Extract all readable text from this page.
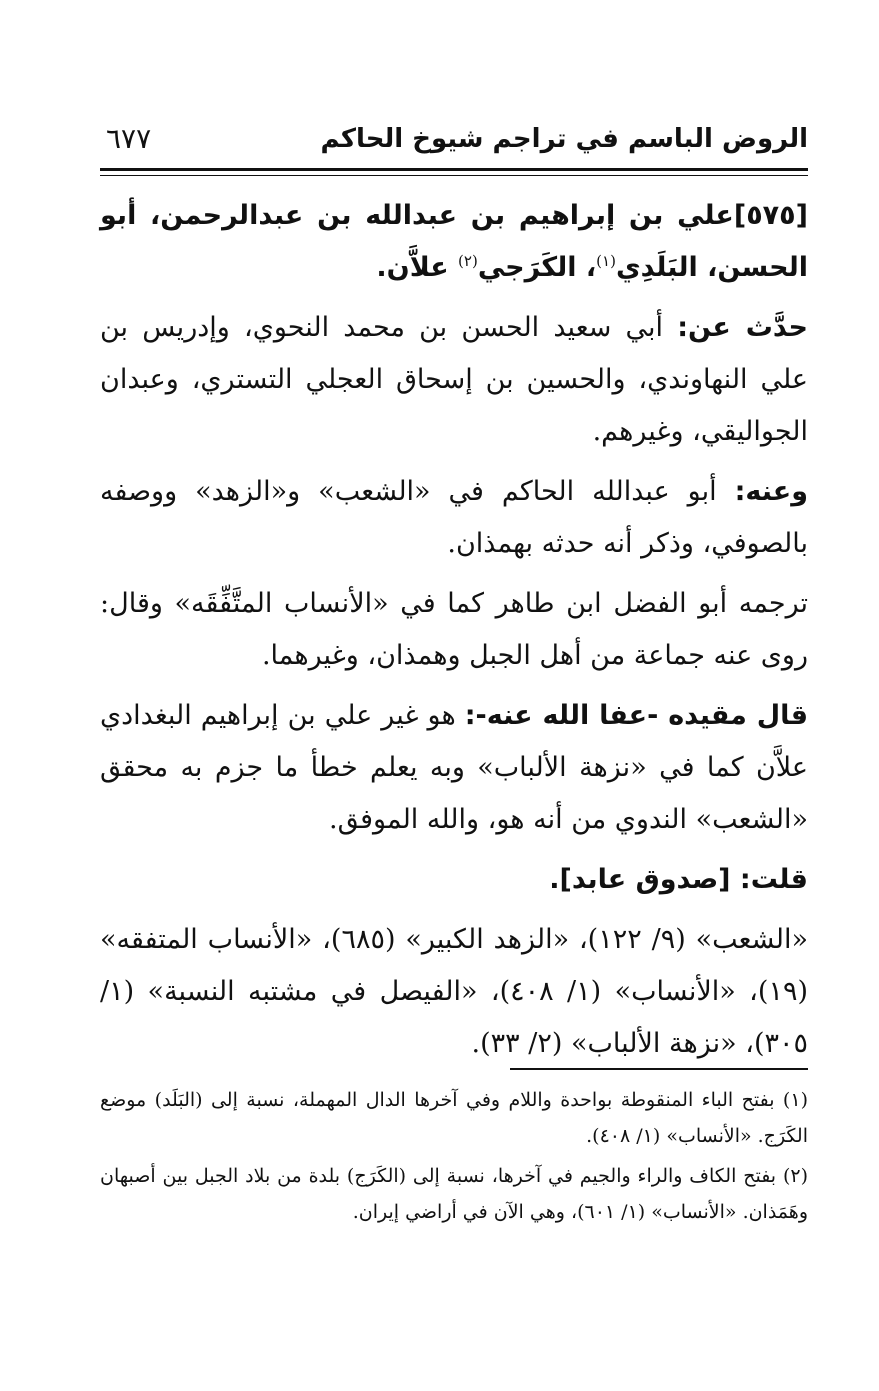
الروض الباسم في تراجم شيوخ الحاكم
٦٧٧

[٥٧٥]علي بن إبراهيم بن عبدالله بن عبدالرحمن، أبو الحسن، البَلَدِي$^{(١)}$، الكَرَجي$^{(٢)}$ علاَّن.

حدَّث عن: أبي سعيد الحسن بن محمد النحوي، وإدريس بن علي النهاوندي، والحسين بن إسحاق العجلي التستري، وعبدان الجواليقي، وغيرهم.

وعنه: أبو عبدالله الحاكم في «الشعب» و«الزهد» ووصفه بالصوفي، وذكر أنه حدثه بهمذان.

ترجمه أبو الفضل ابن طاهر كما في «الأنساب المتَّفِّقَه» وقال: روى عنه جماعة من أهل الجبل وهمذان، وغيرهما.

قال مقيده -عفا الله عنه-: هو غير علي بن إبراهيم البغدادي علاَّن كما في «نزهة الألباب» وبه يعلم خطأ ما جزم به محقق «الشعب» الندوي من أنه هو، والله الموفق.

قلت: [صدوق عابد].

«الشعب» (٩/ ١٢٢)، «الزهد الكبير» (٦٨٥)، «الأنساب المتفقه» (١٩)، «الأنساب» (١/ ٤٠٨)، «الفيصل في مشتبه النسبة» (١/ ٣٠٥)، «نزهة الألباب» (٢/ ٣٣).

(١) بفتح الباء المنقوطة بواحدة واللام وفي آخرها الدال المهملة، نسبة إلى (البَلَد) موضع الكَرَج. «الأنساب» (١/ ٤٠٨).

(٢) بفتح الكاف والراء والجيم في آخرها، نسبة إلى (الكَرَج) بلدة من بلاد الجبل بين أصبهان وهَمَذان. «الأنساب» (١/ ٦٠١)، وهي الآن في أراضي إيران.
